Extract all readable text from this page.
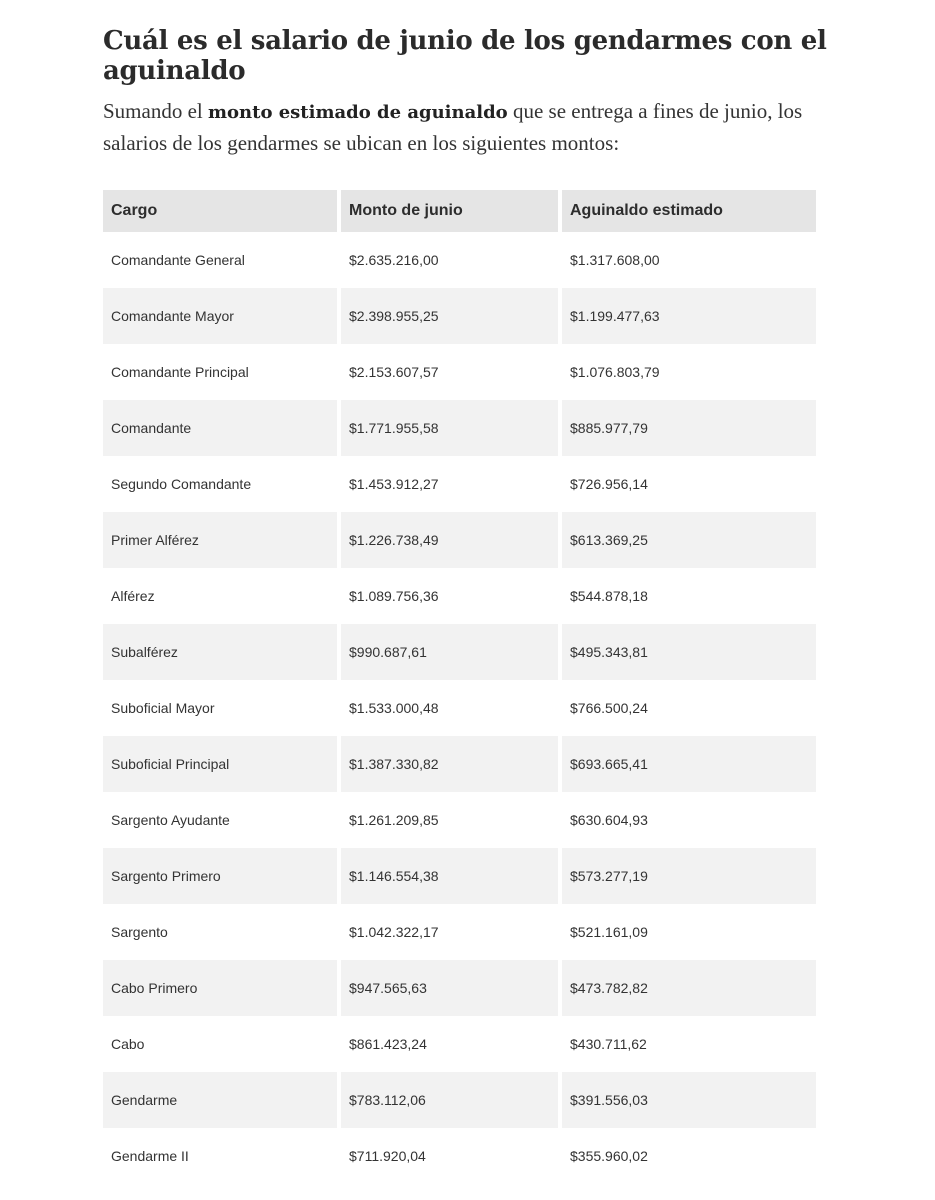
Cuál es el salario de junio de los gendarmes con el aguinaldo

Sumando el monto estimado de aguinaldo que se entrega a fines de junio, los salarios de los gendarmes se ubican en los siguientes montos:

Cargo	Monto de junio	Aguinaldo estimado
Comandante General	$2.635.216,00	$1.317.608,00
Comandante Mayor	$2.398.955,25	$1.199.477,63
Comandante Principal	$2.153.607,57	$1.076.803,79
Comandante	$1.771.955,58	$885.977,79
Segundo Comandante	$1.453.912,27	$726.956,14
Primer Alférez	$1.226.738,49	$613.369,25
Alférez	$1.089.756,36	$544.878,18
Subalférez	$990.687,61	$495.343,81
Suboficial Mayor	$1.533.000,48	$766.500,24
Suboficial Principal	$1.387.330,82	$693.665,41
Sargento Ayudante	$1.261.209,85	$630.604,93
Sargento Primero	$1.146.554,38	$573.277,19
Sargento	$1.042.322,17	$521.161,09
Cabo Primero	$947.565,63	$473.782,82
Cabo	$861.423,24	$430.711,62
Gendarme	$783.112,06	$391.556,03
Gendarme II	$711.920,04	$355.960,02
